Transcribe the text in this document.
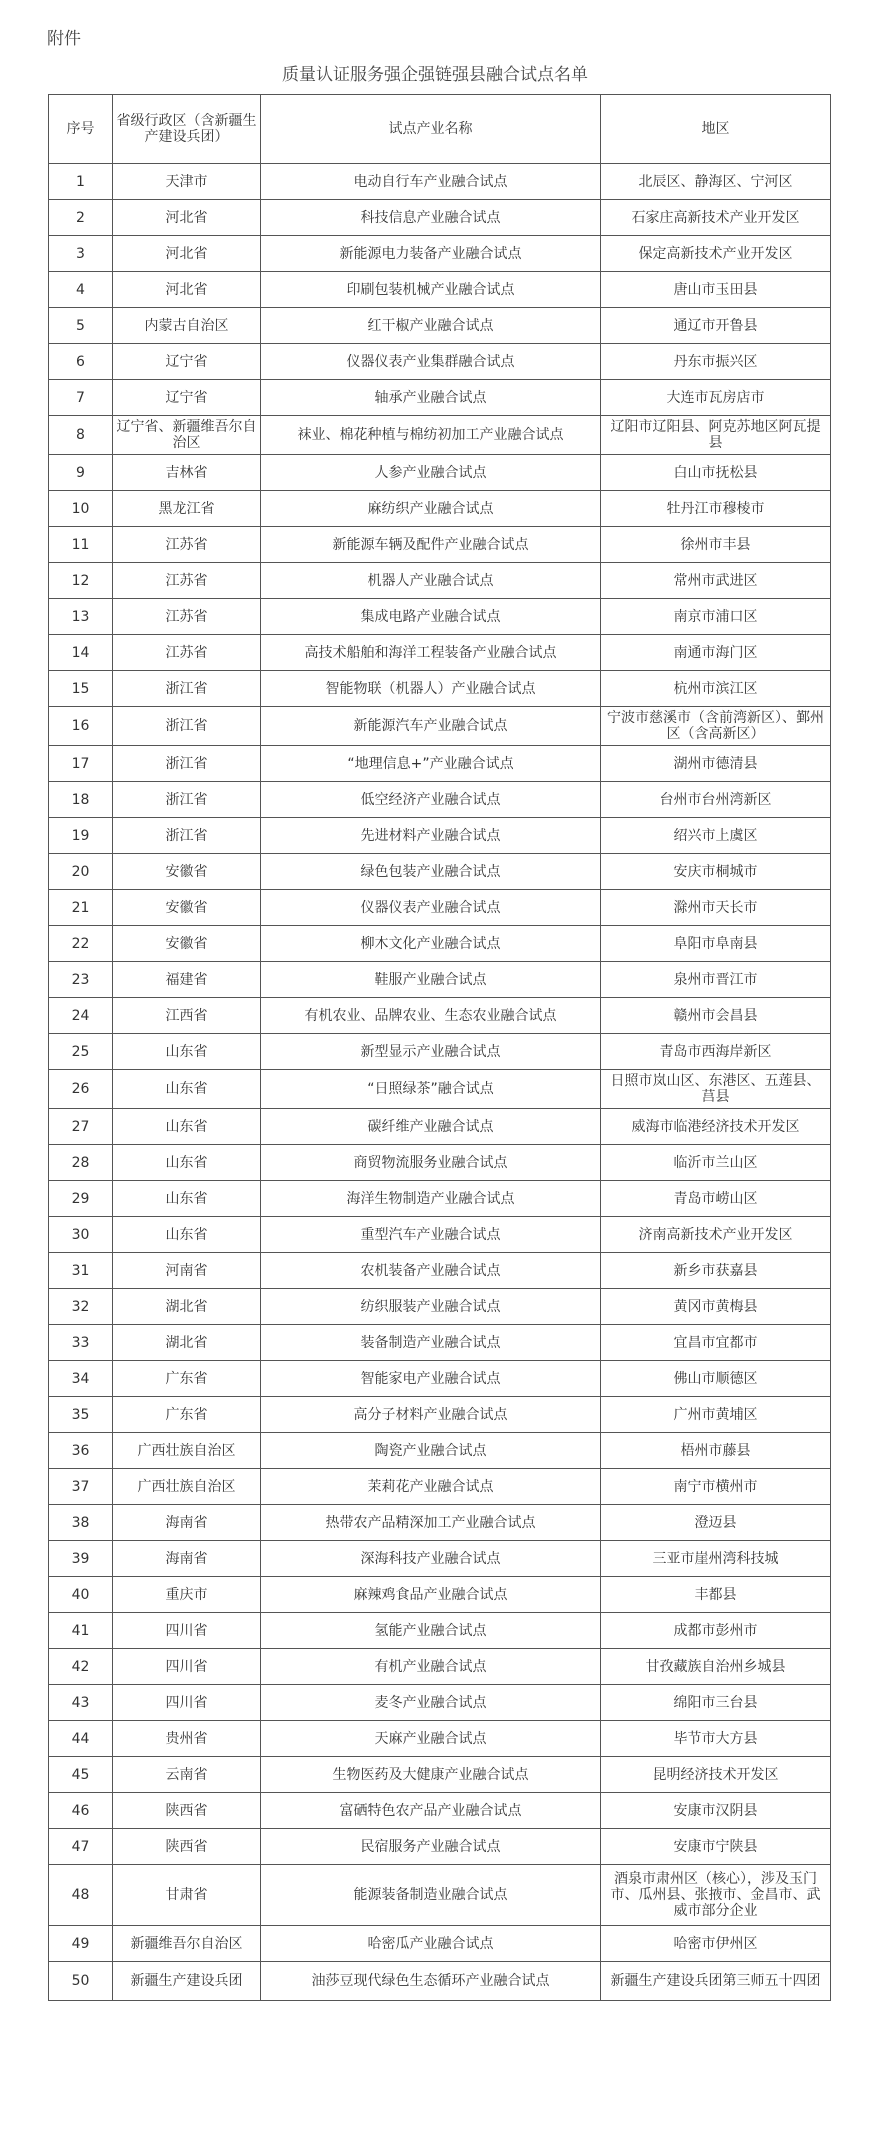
附件
质量认证服务强企强链强县融合试点名单
序号	省级行政区（含新疆生产建设兵团）	试点产业名称	地区
1	天津市	电动自行车产业融合试点	北辰区、静海区、宁河区
2	河北省	科技信息产业融合试点	石家庄高新技术产业开发区
3	河北省	新能源电力装备产业融合试点	保定高新技术产业开发区
4	河北省	印刷包装机械产业融合试点	唐山市玉田县
5	内蒙古自治区	红干椒产业融合试点	通辽市开鲁县
6	辽宁省	仪器仪表产业集群融合试点	丹东市振兴区
7	辽宁省	轴承产业融合试点	大连市瓦房店市
8	辽宁省、新疆维吾尔自治区	袜业、棉花种植与棉纺初加工产业融合试点	辽阳市辽阳县、阿克苏地区阿瓦提县
9	吉林省	人参产业融合试点	白山市抚松县
10	黑龙江省	麻纺织产业融合试点	牡丹江市穆棱市
11	江苏省	新能源车辆及配件产业融合试点	徐州市丰县
12	江苏省	机器人产业融合试点	常州市武进区
13	江苏省	集成电路产业融合试点	南京市浦口区
14	江苏省	高技术船舶和海洋工程装备产业融合试点	南通市海门区
15	浙江省	智能物联（机器人）产业融合试点	杭州市滨江区
16	浙江省	新能源汽车产业融合试点	宁波市慈溪市（含前湾新区）、鄞州区（含高新区）
17	浙江省	“地理信息+”产业融合试点	湖州市德清县
18	浙江省	低空经济产业融合试点	台州市台州湾新区
19	浙江省	先进材料产业融合试点	绍兴市上虞区
20	安徽省	绿色包装产业融合试点	安庆市桐城市
21	安徽省	仪器仪表产业融合试点	滁州市天长市
22	安徽省	柳木文化产业融合试点	阜阳市阜南县
23	福建省	鞋服产业融合试点	泉州市晋江市
24	江西省	有机农业、品牌农业、生态农业融合试点	赣州市会昌县
25	山东省	新型显示产业融合试点	青岛市西海岸新区
26	山东省	“日照绿茶”融合试点	日照市岚山区、东港区、五莲县、莒县
27	山东省	碳纤维产业融合试点	威海市临港经济技术开发区
28	山东省	商贸物流服务业融合试点	临沂市兰山区
29	山东省	海洋生物制造产业融合试点	青岛市崂山区
30	山东省	重型汽车产业融合试点	济南高新技术产业开发区
31	河南省	农机装备产业融合试点	新乡市获嘉县
32	湖北省	纺织服装产业融合试点	黄冈市黄梅县
33	湖北省	装备制造产业融合试点	宜昌市宜都市
34	广东省	智能家电产业融合试点	佛山市顺德区
35	广东省	高分子材料产业融合试点	广州市黄埔区
36	广西壮族自治区	陶瓷产业融合试点	梧州市藤县
37	广西壮族自治区	茉莉花产业融合试点	南宁市横州市
38	海南省	热带农产品精深加工产业融合试点	澄迈县
39	海南省	深海科技产业融合试点	三亚市崖州湾科技城
40	重庆市	麻辣鸡食品产业融合试点	丰都县
41	四川省	氢能产业融合试点	成都市彭州市
42	四川省	有机产业融合试点	甘孜藏族自治州乡城县
43	四川省	麦冬产业融合试点	绵阳市三台县
44	贵州省	天麻产业融合试点	毕节市大方县
45	云南省	生物医药及大健康产业融合试点	昆明经济技术开发区
46	陕西省	富硒特色农产品产业融合试点	安康市汉阴县
47	陕西省	民宿服务产业融合试点	安康市宁陕县
48	甘肃省	能源装备制造业融合试点	酒泉市肃州区（核心），涉及玉门市、瓜州县、张掖市、金昌市、武威市部分企业
49	新疆维吾尔自治区	哈密瓜产业融合试点	哈密市伊州区
50	新疆生产建设兵团	油莎豆现代绿色生态循环产业融合试点	新疆生产建设兵团第三师五十四团
